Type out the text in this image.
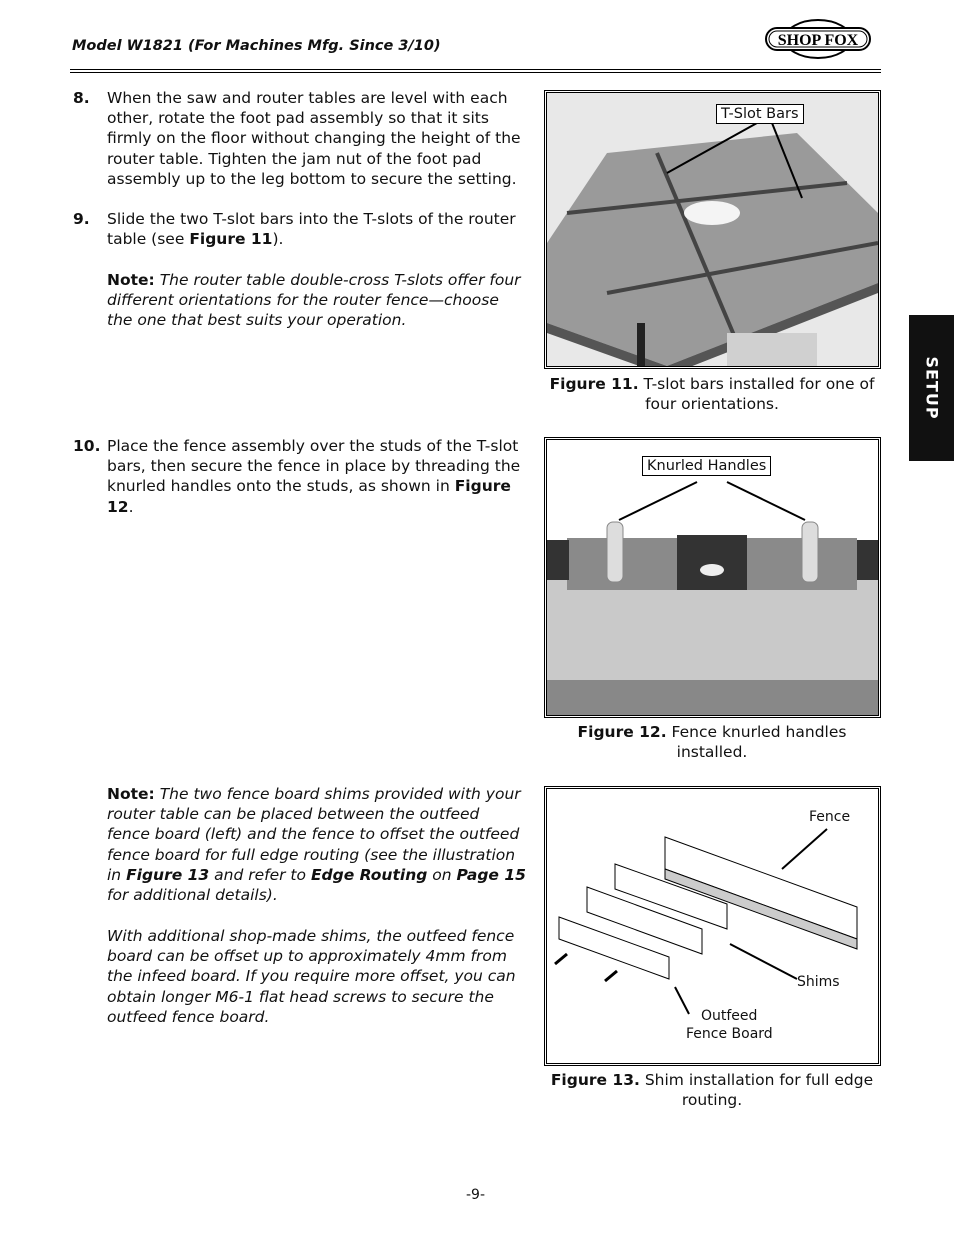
Model W1821 (For Machines Mfg. Since 3/10)	SHOP FOX
8. When the saw and router tables are level with each other, rotate the foot pad assembly so that it sits firmly on the floor without changing the height of the router table. Tighten the jam nut of the foot pad assembly up to the leg bottom to secure the setting.
9. Slide the two T-slot bars into the T-slots of the router table (see Figure 11).
Note: The router table double-cross T-slots offer four different orientations for the router fence—choose the one that best suits your operation.
10. Place the fence assembly over the studs of the T-slot bars, then secure the fence in place by threading the knurled handles onto the studs, as shown in Figure 12.
Note: The two fence board shims provided with your router table can be placed between the outfeed fence board (left) and the fence to offset the outfeed fence board for full edge routing (see the illustration in Figure 13 and refer to Edge Routing on Page 15 for additional details).
With additional shop-made shims, the outfeed fence board can be offset up to approximately 4mm from the infeed board. If you require more offset, you can obtain longer M6-1 flat head screws to secure the outfeed fence board.
T-Slot Bars
Figure 11. T-slot bars installed for one of four orientations.
Knurled Handles
Figure 12. Fence knurled handles installed.
Fence
Shims
Outfeed
Fence Board
Figure 13. Shim installation for full edge routing.
SETUP
-9-
